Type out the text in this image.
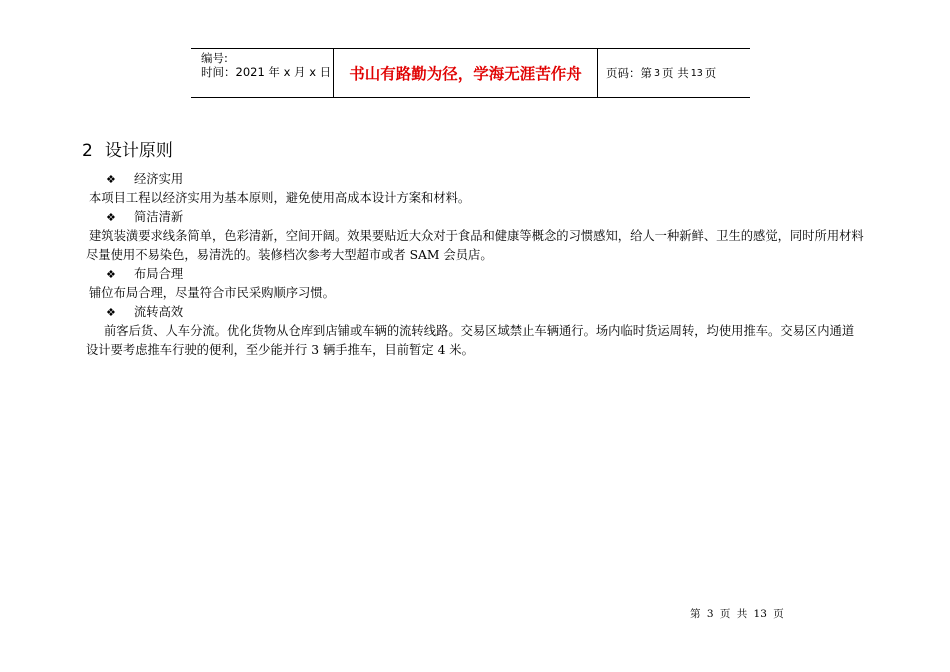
编号:
时间：2021 年 x 月 x 日	书山有路勤为径，学海无涯苦作舟	页码：第 3 页 共 13 页
2 设计原则
❖ 经济实用
本项目工程以经济实用为基本原则，避免使用高成本设计方案和材料。
❖ 简洁清新
建筑装潢要求线条简单，色彩清新，空间开阔。效果要贴近大众对于食品和健康等概念的习惯感知，给人一种新鲜、卫生的感觉，同时所用材料尽量使用不易染色，易清洗的。装修档次参考大型超市或者 SAM 会员店。
❖ 布局合理
铺位布局合理，尽量符合市民采购顺序习惯。
❖ 流转高效
前客后货、人车分流。优化货物从仓库到店铺或车辆的流转线路。交易区域禁止车辆通行。场内临时货运周转，均使用推车。交易区内通道设计要考虑推车行驶的便利，至少能并行 3 辆手推车，目前暂定 4 米。
第 3 页 共 13 页
